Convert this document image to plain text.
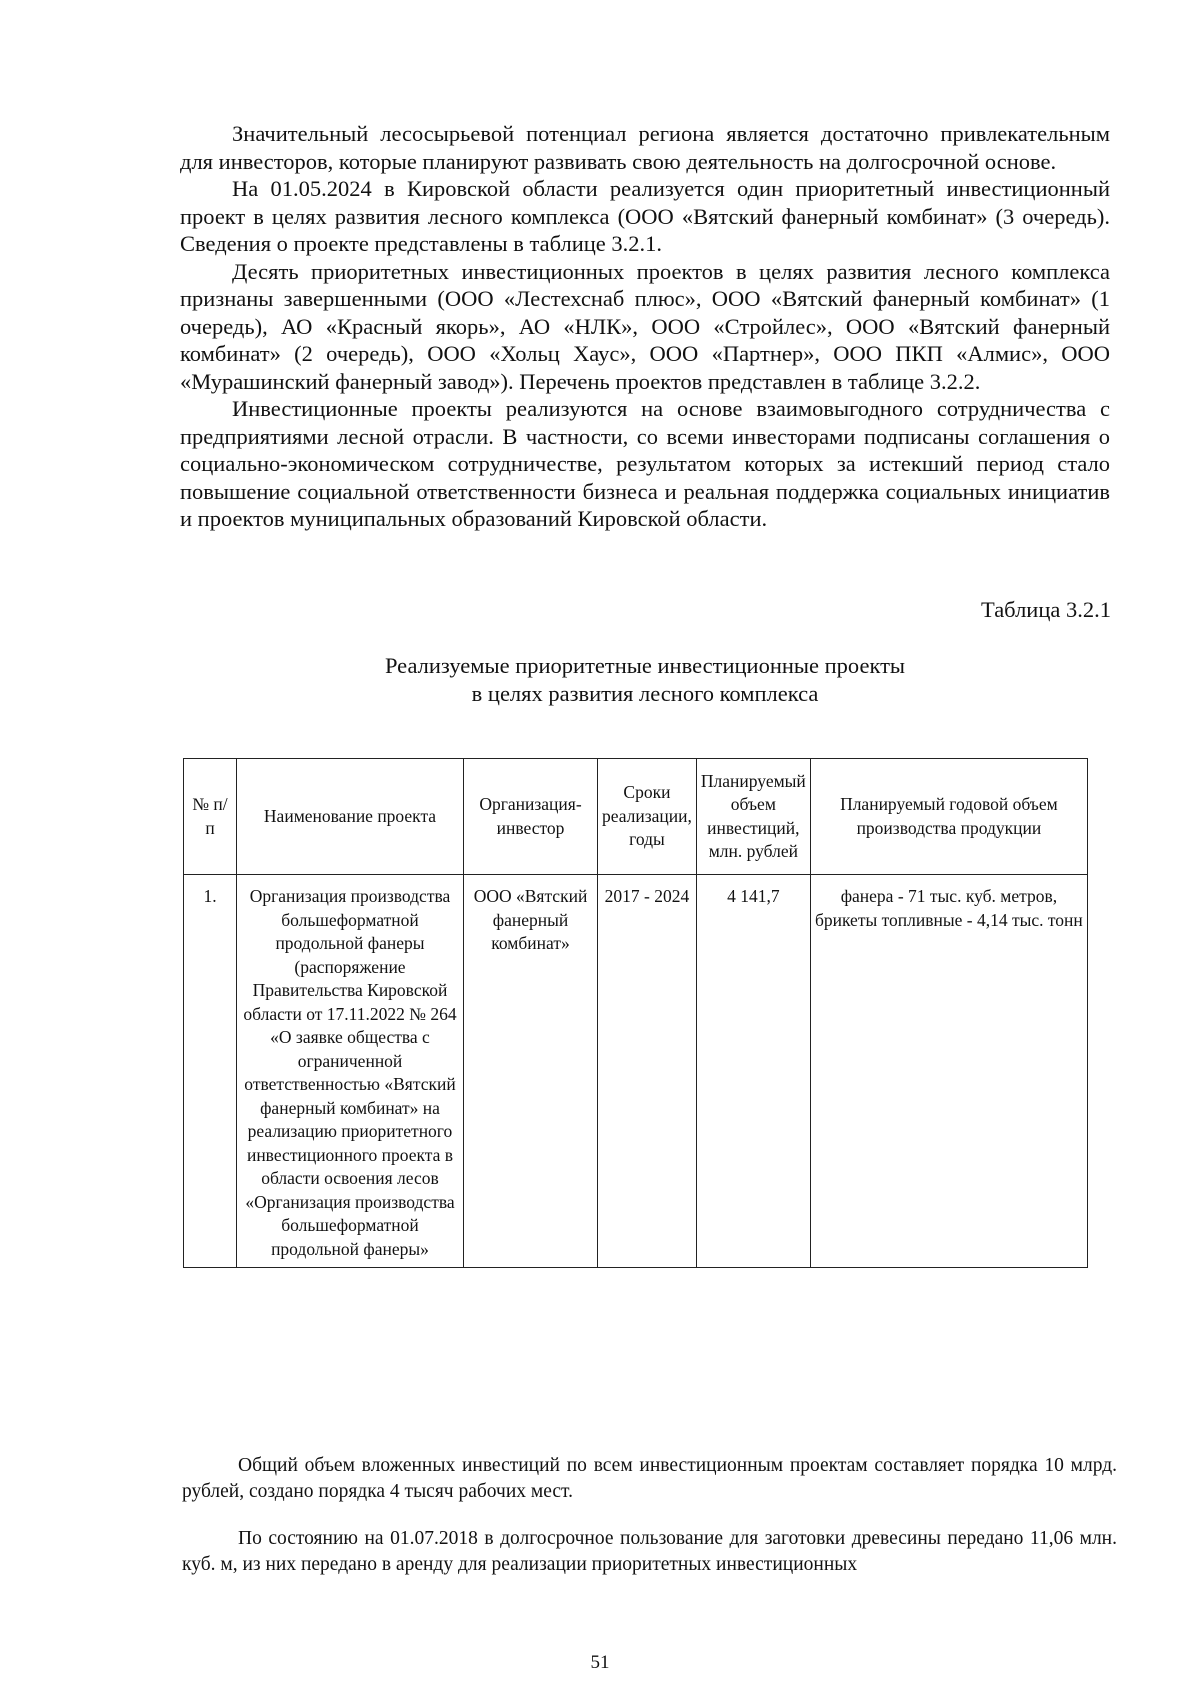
Значительный лесосырьевой потенциал региона является достаточно привлекательным для инвесторов, которые планируют развивать свою деятельность на долгосрочной основе.

На 01.05.2024 в Кировской области реализуется один приоритетный инвестиционный проект в целях развития лесного комплекса (ООО «Вятский фанерный комбинат» (3 очередь). Сведения о проекте представлены в таблице 3.2.1.

Десять приоритетных инвестиционных проектов в целях развития лесного комплекса признаны завершенными (ООО «Лестехснаб плюс», ООО «Вятский фанерный комбинат» (1 очередь), АО «Красный якорь», АО «НЛК», ООО «Стройлес», ООО «Вятский фанерный комбинат» (2 очередь), ООО «Хольц Хаус», ООО «Партнер», ООО ПКП «Алмис», ООО «Мурашинский фанерный завод»). Перечень проектов представлен в таблице 3.2.2.

Инвестиционные проекты реализуются на основе взаимовыгодного сотрудничества с предприятиями лесной отрасли. В частности, со всеми инвесторами подписаны соглашения о социально-экономическом сотрудничестве, результатом которых за истекший период стало повышение социальной ответственности бизнеса и реальная поддержка социальных инициатив и проектов муниципальных образований Кировской области.

Таблица 3.2.1
Реализуемые приоритетные инвестиционные проекты
в целях развития лесного комплекса
№ п/п	Наименование проекта	Организация-инвестор	Сроки реализации, годы	Планируемый объем инвестиций, млн. рублей	Планируемый годовой объем производства продукции
1.	Организация производства большеформатной продольной фанеры (распоряжение Правительства Кировской области от 17.11.2022 № 264 «О заявке общества с ограниченной ответственностью «Вятский фанерный комбинат» на реализацию приоритетного инвестиционного проекта в области освоения лесов «Организация производства большеформатной продольной фанеры»	ООО «Вятский фанерный комбинат»	2017 - 2024	4 141,7	фанера - 71 тыс. куб. метров, брикеты топливные - 4,14 тыс. тонн

Общий объем вложенных инвестиций по всем инвестиционным проектам составляет порядка 10 млрд. рублей, создано порядка 4 тысяч рабочих мест.

По состоянию на 01.07.2018 в долгосрочное пользование для заготовки древесины передано 11,06 млн. куб. м, из них передано в аренду для реализации приоритетных инвестиционных

51
